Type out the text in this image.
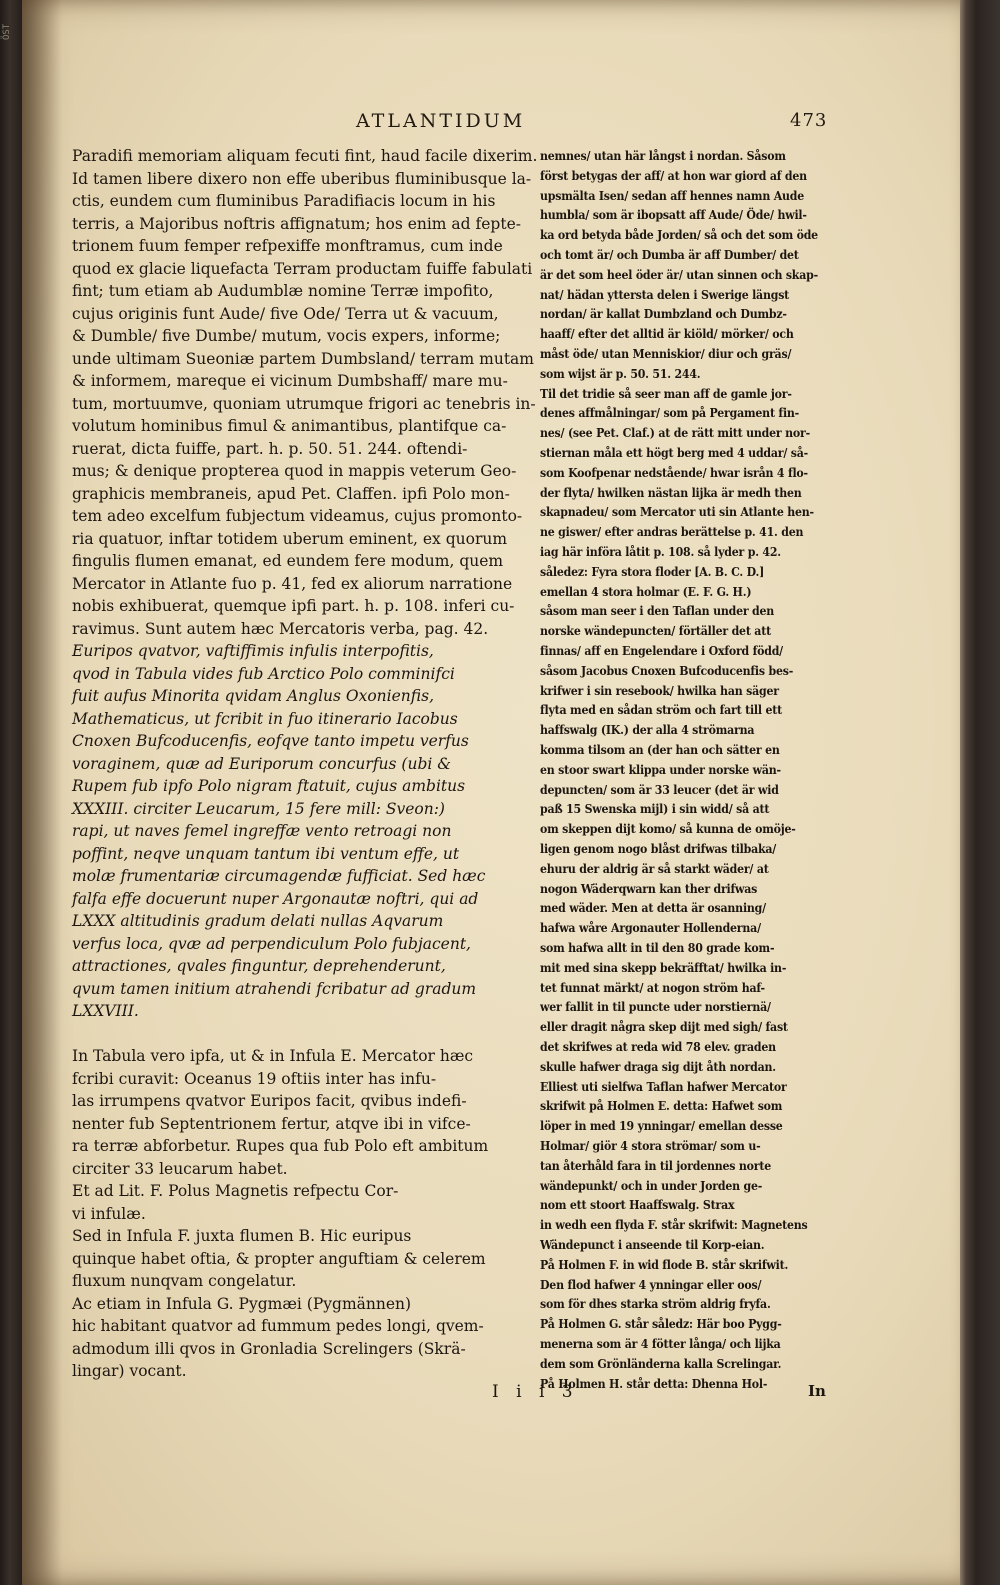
ÖST
ATLANTIDUM	473
Paradifi memoriam aliquam fecuti fint, haud facile dixerim.
Id tamen libere dixero non effe uberibus fluminibusque la-
ctis, eundem cum fluminibus Paradifiacis locum in his
terris, a Majoribus noftris affignatum; hos enim ad fepte-
trionem fuum femper refpexiffe monftramus, cum inde
quod ex glacie liquefacta Terram productam fuiffe fabulati
fint; tum etiam ab Audumblæ nomine Terræ impofito,
cujus originis funt Aude/ five Ode/ Terra ut & vacuum,
& Dumble/ five Dumbe/ mutum, vocis expers, informe;
unde ultimam Sueoniæ partem Dumbsland/ terram mutam
& informem, mareque ei vicinum Dumbshaff/ mare mu-
tum, mortuumve, quoniam utrumque frigori ac tenebris in-
volutum hominibus fimul & animantibus, plantifque ca-
ruerat, dicta fuiffe, part. h. p. 50. 51. 244. oftendi-
mus; & denique propterea quod in mappis veterum Geo-
graphicis membraneis, apud Pet. Claffen. ipfi Polo mon-
tem adeo excelfum fubjectum videamus, cujus promonto-
ria quatuor, inftar totidem uberum eminent, ex quorum
fingulis flumen emanat, ed eundem fere modum, quem
Mercator in Atlante fuo p. 41, fed ex aliorum narratione
nobis exhibuerat, quemque ipfi part. h. p. 108. inferi cu-
ravimus. Sunt autem hæc Mercatoris verba, pag. 42.
Euripos qvatvor, vaftiffimis infulis interpofitis,
qvod in Tabula vides fub Arctico Polo comminifci
fuit aufus Minorita qvidam Anglus Oxonienfis,
Mathematicus, ut fcribit in fuo itinerario Iacobus
Cnoxen Bufcoducenfis, eofqve tanto impetu verfus
voraginem, quæ ad Euriporum concurfus (ubi &
Rupem fub ipfo Polo nigram ftatuit, cujus ambitus
XXXIII. circiter Leucarum, 15 fere mill: Sveon:)
rapi, ut naves femel ingreffæ vento retroagi non
poffint, neqve unquam tantum ibi ventum effe, ut
molæ frumentariæ circumagendæ fufficiat. Sed hæc
falfa effe docuerunt nuper Argonautæ noftri, qui ad
LXXX altitudinis gradum delati nullas Aqvarum
verfus loca, qvæ ad perpendiculum Polo fubjacent,
attractiones, qvales finguntur, deprehenderunt,
qvum tamen initium atrahendi fcribatur ad gradum
LXXVIII.
In Tabula vero ipfa, ut & in Infula E. Mercator hæc
fcribi curavit: Oceanus 19 oftiis inter has infu-
las irrumpens qvatvor Euripos facit, qvibus indefi-
nenter fub Septentrionem fertur, atqve ibi in vifce-
ra terræ abforbetur. Rupes qua fub Polo eft ambitum
circiter 33 leucarum habet.
Et ad Lit. F. Polus Magnetis refpectu Cor-
vi infulæ.
Sed in Infula F. juxta flumen B. Hic euripus
quinque habet oftia, & propter anguftiam & celerem
fluxum nunqvam congelatur.
Ac etiam in Infula G. Pygmæi (Pygmännen)
hic habitant quatvor ad fummum pedes longi, qvem-
admodum illi qvos in Gronladia Screlingers (Skrä-
lingar) vocant.
nemnes/ utan här långst i nordan. Såsom
först betygas der aff/ at hon war giord af den
upsmälta Isen/ sedan aff hennes namn Aude
humbla/ som är ibopsatt aff Aude/ Öde/ hwil-
ka ord betyda både Jorden/ så och det som öde
och tomt är/ och Dumba är aff Dumber/ det
är det som heel öder är/ utan sinnen och skap-
nat/ hädan yttersta delen i Swerige längst
nordan/ är kallat Dumbzland och Dumbz-
haaff/ efter det alltid är kiöld/ mörker/ och
måst öde/ utan Menniskior/ diur och gräs/
som wijst är p. 50. 51. 244.
Til det tridie så seer man aff de gamle jor-
denes affmålningar/ som på Pergament fin-
nes/ (see Pet. Claf.) at de rätt mitt under nor-
stiernan måla ett högt berg med 4 uddar/ så-
som Koofpenar nedstående/ hwar isrån 4 flo-
der flyta/ hwilken nästan lijka är medh then
skapnadeu/ som Mercator uti sin Atlante hen-
ne giswer/ efter andras berättelse p. 41. den
iag här införa låtit p. 108. så lyder p. 42.
såledez: Fyra stora floder [A. B. C. D.]
emellan 4 stora holmar (E. F. G. H.)
såsom man seer i den Taflan under den
norske wändepuncten/ förtäller det att
finnas/ aff en Engelendare i Oxford född/
såsom Jacobus Cnoxen Bufcoducenfis bes-
krifwer i sin resebook/ hwilka han säger
flyta med en sådan ström och fart till ett
haffswalg (IK.) der alla 4 strömarna
komma tilsom an (der han och sätter en
en stoor swart klippa under norske wän-
depuncten/ som är 33 leucer (det är wid
paß 15 Swenska mijl) i sin widd/ så att
om skeppen dijt komo/ så kunna de omöje-
ligen genom nogo blåst drifwas tilbaka/
ehuru der aldrig är så starkt wäder/ at
nogon Wäderqwarn kan ther drifwas
med wäder. Men at detta är osanning/
hafwa wåre Argonauter Hollenderna/
som hafwa allt in til den 80 grade kom-
mit med sina skepp bekräfftat/ hwilka in-
tet funnat märkt/ at nogon ström haf-
wer fallit in til puncte uder norstiernä/
eller dragit några skep dijt med sigh/ fast
det skrifwes at reda wid 78 elev. graden
skulle hafwer draga sig dijt åth nordan.
Elliest uti sielfwa Taflan hafwer Mercator
skrifwit på Holmen E. detta: Hafwet som
löper in med 19 ynningar/ emellan desse
Holmar/ giör 4 stora strömar/ som u-
tan återhåld fara in til jordennes norte
wändepunkt/ och in under Jorden ge-
nom ett stoort Haaffswalg. Strax
in wedh een flyda F. står skrifwit: Magnetens
Wändepunct i anseende til Korp-eian.
På Holmen F. in wid flode B. står skrifwit.
Den flod hafwer 4 ynningar eller oos/
som för dhes starka ström aldrig fryfa.
På Holmen G. står såledz: Här boo Pygg-
menerna som är 4 fötter långa/ och lijka
dem som Grönländerna kalla Screlingar.
På Holmen H. står detta: Dhenna Hol-
I i i 3	In
